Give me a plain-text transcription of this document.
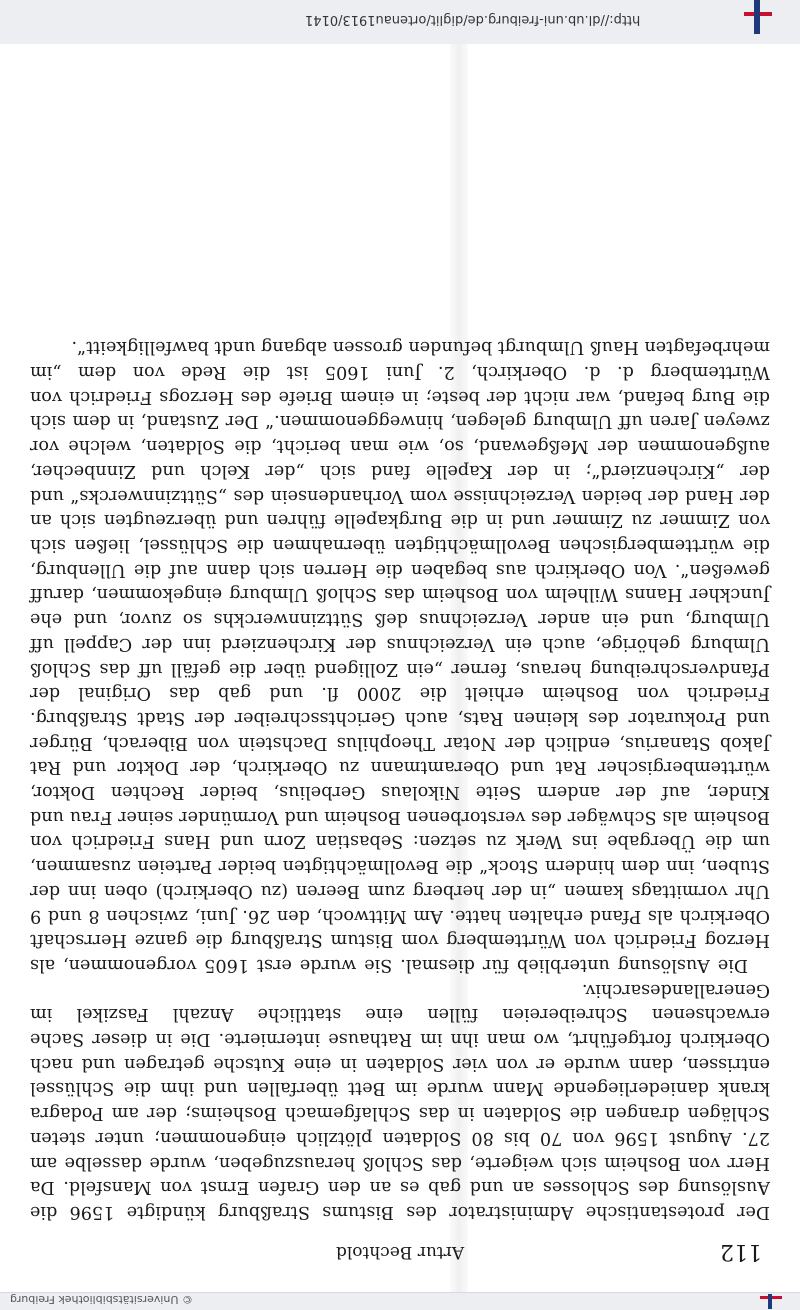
http://dl.ub.uni-freiburg.de/diglit/ortenau1913/0141
112
Artur Bechtold

Der protestantische Administrator des Bistums Straßburg kündigte 1596 die Auslösung des Schlosses an und gab es an den Grafen Ernst von Mansfeld. Da Herr von Bosheim sich weigerte, das Schloß herauszugeben, wurde dasselbe am 27. August 1596 von 70 bis 80 Soldaten plötzlich eingenommen; unter steten Schlägen drangen die Soldaten in das Schlafgemach Bosheims; der am Podagra krank daniederliegende Mann wurde im Bett überfallen und ihm die Schlüssel entrissen, dann wurde er von vier Soldaten in eine Kutsche getragen und nach Oberkirch fortgeführt, wo man ihn im Rathause internierte. Die in dieser Sache erwachsenen Schreibereien füllen eine stattliche Anzahl Faszikel im Generallandesarchiv.

Die Auslösung unterblieb für diesmal. Sie wurde erst 1605 vorgenommen, als Herzog Friedrich von Württemberg vom Bistum Straßburg die ganze Herrschaft Oberkirch als Pfand erhalten hatte. Am Mittwoch, den 26. Juni, zwischen 8 und 9 Uhr vormittags kamen „in der herberg zum Beeren (zu Oberkirch) oben inn der Stuben, inn dem hindern Stock“ die Bevollmächtigten beider Parteien zusammen, um die Übergabe ins Werk zu setzen: Sebastian Zorn und Hans Friedrich von Bosheim als Schwäger des verstorbenen Bosheim und Vormünder seiner Frau und Kinder, auf der andern Seite Nikolaus Gerbelius, beider Rechten Doktor, württembergischer Rat und Oberamtmann zu Oberkirch, der Doktor und Rat Jakob Stanarius, endlich der Notar Theophilus Dachstein von Biberach, Bürger und Prokurator des kleinen Rats, auch Gerichtsschreiber der Stadt Straßburg. Friedrich von Bosheim erhielt die 2000 fl. und gab das Original der Pfandverschreibung heraus, ferner „ein Zolligend über die gefäll uff das Schloß Ulmburg gehörige, auch ein Verzeichnus der Kirchenzierd inn der Cappell uff Ulmburg, und ein ander Verzeichnus deß Süttzinnwerckhs so zuvor, und ehe Junckher Hanns Wilhelm von Bosheim das Schloß Ulmburg eingekommen, daruff geweßen“. Von Oberkirch aus begaben die Herren sich dann auf die Ullenburg, die württembergischen Bevollmächtigten übernahmen die Schlüssel, ließen sich von Zimmer zu Zimmer und in die Burgkapelle führen und überzeugten sich an der Hand der beiden Verzeichnisse vom Vorhandensein des „Süttzinnwercks“ und der „Kirchenzierd“; in der Kapelle fand sich „der Kelch und Zinnbecher, außgenommen der Meßgewand, so, wie man bericht, die Soldaten, welche vor zweyen Jaren uff Ulmburg gelegen, hinweggenommen.“ Der Zustand, in dem sich die Burg befand, war nicht der beste; in einem Briefe des Herzogs Friedrich von Württemberg d. d. Oberkirch, 2. Juni 1605 ist die Rede von dem „im mehrbefagten Hauß Ulmburgt befunden grossen abgang undt bawfelligkeitt“.

© Universitätsbibliothek Freiburg
